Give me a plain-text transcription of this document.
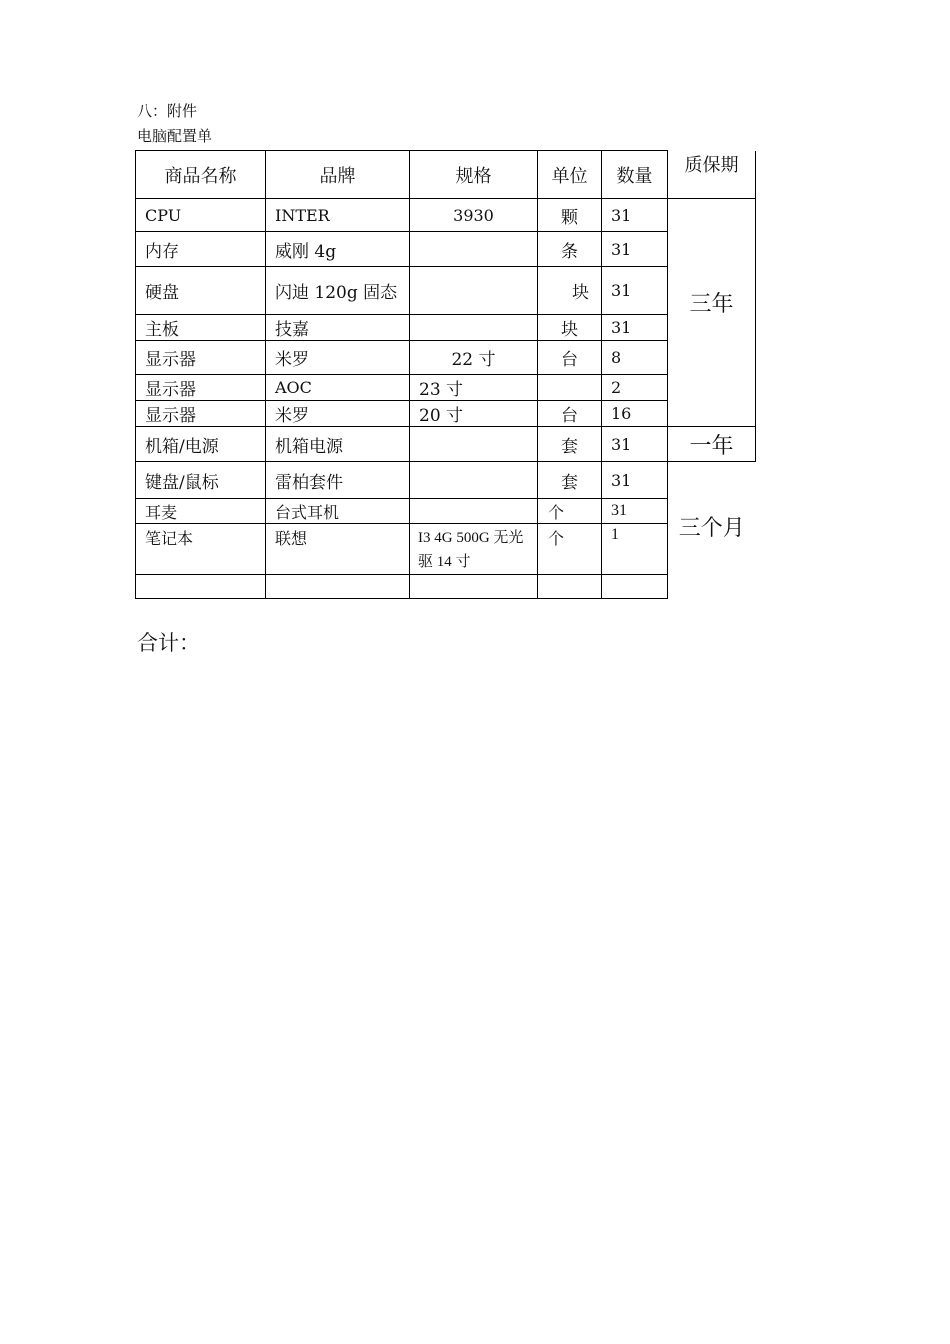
八：附件
电脑配置单
商品名称	品牌	规格	单位	数量	质保期
CPU	INTER	3930	颗	31	三年
内存	威刚 4g		条	31	
硬盘	闪迪 120g 固态		块	31	
主板	技嘉		块	31	
显示器	米罗	22 寸	台	8	
显示器	AOC	23 寸		2	
显示器	米罗	20 寸	台	16	
机箱/电源	机箱电源		套	31	一年
键盘/鼠标	雷柏套件		套	31	三个月
耳麦	台式耳机		个	31	
笔记本	联想	I3 4G 500G 无光驱 14 寸	个	1	

合计：
